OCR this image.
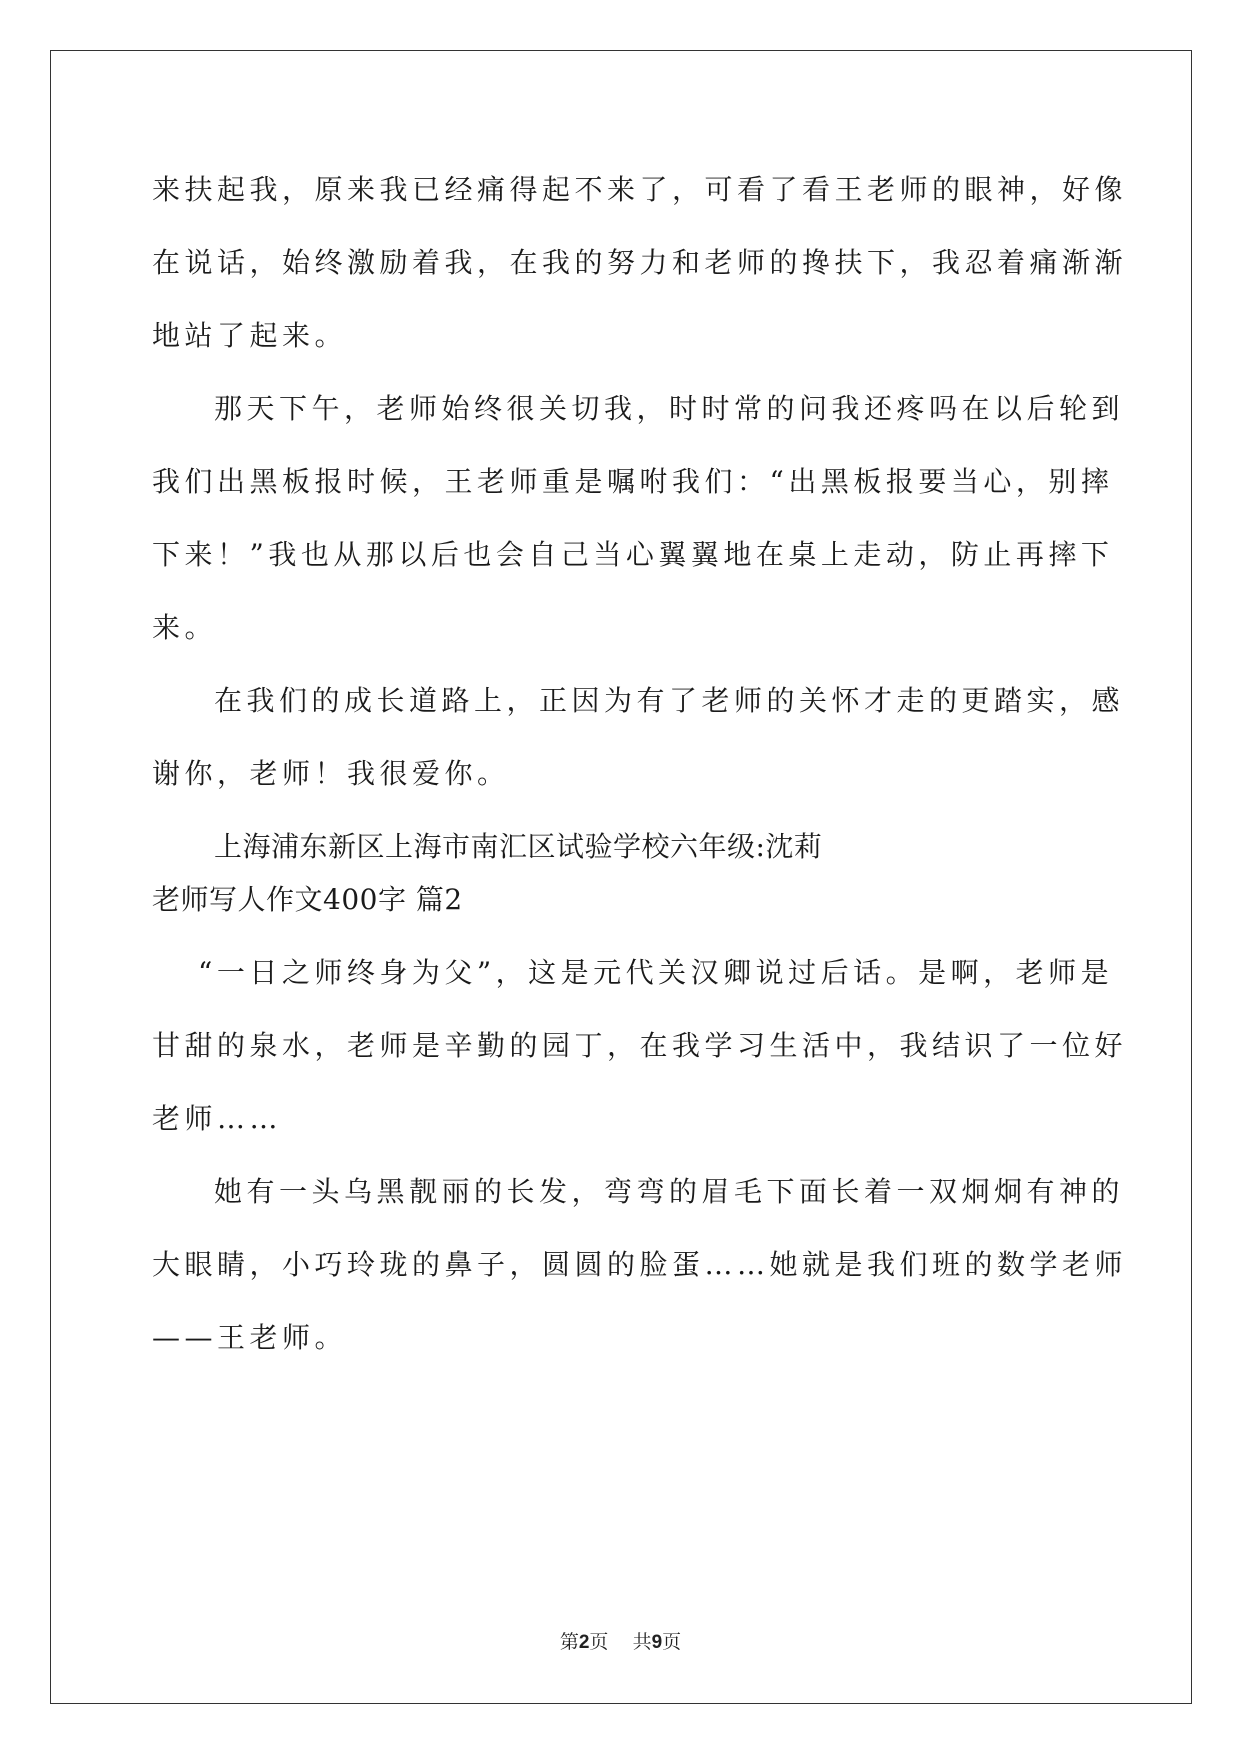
来扶起我，原来我已经痛得起不来了，可看了看王老师的眼神，好像
在说话，始终激励着我，在我的努力和老师的搀扶下，我忍着痛渐渐
地站了起来。
那天下午，老师始终很关切我，时时常的问我还疼吗在以后轮到
我们出黑板报时候，王老师重是嘱咐我们：“出黑板报要当心，别摔
下来！”我也从那以后也会自己当心翼翼地在桌上走动，防止再摔下
来。
在我们的成长道路上，正因为有了老师的关怀才走的更踏实，感
谢你，老师！我很爱你。
上海浦东新区上海市南汇区试验学校六年级:沈莉
老师写人作文400字 篇2
“一日之师终身为父”，这是元代关汉卿说过后话。是啊，老师是
甘甜的泉水，老师是辛勤的园丁，在我学习生活中，我结识了一位好
老师……
她有一头乌黑靓丽的长发，弯弯的眉毛下面长着一双炯炯有神的
大眼睛，小巧玲珑的鼻子，圆圆的脸蛋……她就是我们班的数学老师
——王老师。
第2页    共9页
